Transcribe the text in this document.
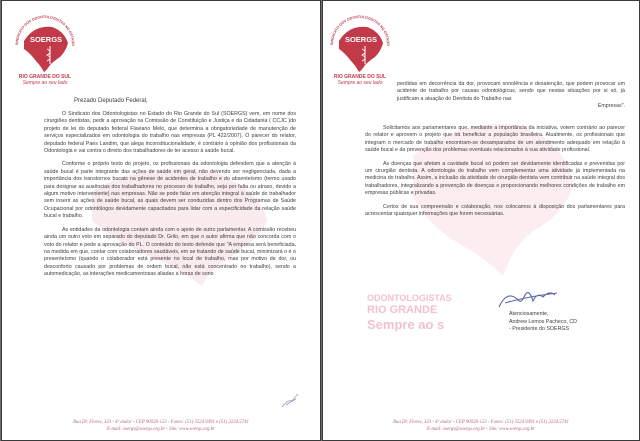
SINDICATO DOS ODONTOLOGISTAS NO ESTADO
SOERGS
RIO GRANDE DO SUL
Sempre ao seu lado
Prezado Deputado Federal,

O Sindicato dos Odontologistas no Estado do Rio Grande do Sul (SOERGS) vem, em nome dos cirurgiões dentistas, pedir a aprovação na Comissão de Constituição e Justiça e da Cidadania ( CCJC )do projeto de lei do deputado federal Flaviano Melo, que determina a obrigatoriedade de manutenção de serviços especializados em odontologia do trabalho nas empresas (PL 422/2007). O parecer do relator, deputado federal Paes Landim, que alega inconstitucionalidade, é contrário à opinião dos profissionais da Odontologia e vai contra o direito dos trabalhadores de ter acesso à saúde bucal.

Conforme o próprio texto do projeto, os profissionais da odontologia defendem que a atenção à saúde bucal é parte integrante das ações de saúde em geral, não devendo ser negligenciada, dada a importância dos transtornos bucais na gênese de acidentes de trabalho e do absenteísmo (termo usado para designar as ausências dos trabalhadores no processo de trabalho, seja por falta ou atraso, devido a algum motivo interveniente) nas empresas. Não se pode falar em atenção integral à saúde do trabalhador sem inserir as ações de saúde bucal, as quais devem ser conduzidas dentro dos Programas de Saúde Ocupacional por odontólogos devidamente capacitados para lidar com a especificidade da relação saúde bucal e trabalho.

As entidades da odontologia contam ainda com o apoio de outro parlamentar. A comissão recebeu ainda um outro voto em separado do deputado Dr. Grilo, em que o autor afirma que não concorda com o voto do relator e pede a aprovação do PL. O conteúdo do texto defende que "A empresa será beneficiada, na medida em que, contar com colaboradores saudáveis, em se tratando de saúde bucal, minimizará o é o presenteísmo (quando o colaborador está presente no local de trabalho, mas por motivo de dor, ou desconforto causado por problemas de ordem bucal, não está concentrado no trabalho), sendo a automedicação, as interações medicamentosas aliadas a horas de sono

Rua Dr. Flores, 323 - 4º andar - CEP 90020-123 - Fones: (51) 3224.9491 e (51) 3224.5741
E-mail: soergs@soergs.org.br - Site: www.soergs.org.br
SINDICATO DOS ODONTOLOGISTAS NO ESTADO
SOERGS
RIO GRANDE DO SUL
Sempre ao seu lado	perdidas em decorrência da dor, provocam sonolência e desatenção, que podem provocar um acidente de trabalho por causas odontológicas, sendo que nestas situações por si só, já justificam a atuação do Dentista do Trabalho nas

Empresas".

Solicitamos aos parlamentares que, mediante a importância da iniciativa, votem contrário ao parecer do relator e aprovem o projeto que irá beneficiar a população brasileira. Atualmente, os profissionais que integram o mercado de trabalho encontram-se desamparados de um atendimento adequado em relação à saúde bucal e da prevenção dos problemas eventuais relacionados à sua atividade profissional.

As doenças que afetam a cavidade bucal só podem ser devidamente identificadas e prevenidas por um cirurgião dentista. A odontologia do trabalho vem complementar uma atividade já implementada na medicina do trabalho. Assim, a inclusão da atividade do cirurgião dentista vem contribuir na saúde integral dos trabalhadores, integralizando a prevenção de doenças e proporcionando melhores condições de trabalho em empresas públicas e privadas.

Certos de sua compreensão e colaboração, nos colocamos à disposição dos parlamentares para acrescentar quaisquer informações que forem necessárias.

ODONTOLOGISTAS
RIO GRANDE
Sempre ao s
Atenciosamente,
Andrew Lemos Pacheco, CD
- Presidente do SOERGS
Rua Dr. Flores, 323 - 4º andar - CEP 90020-123 - Fones: (51) 3224.9491 e (51) 3224.5741
E-mail: soergs@soergs.org.br - Site: www.soergs.org.br
